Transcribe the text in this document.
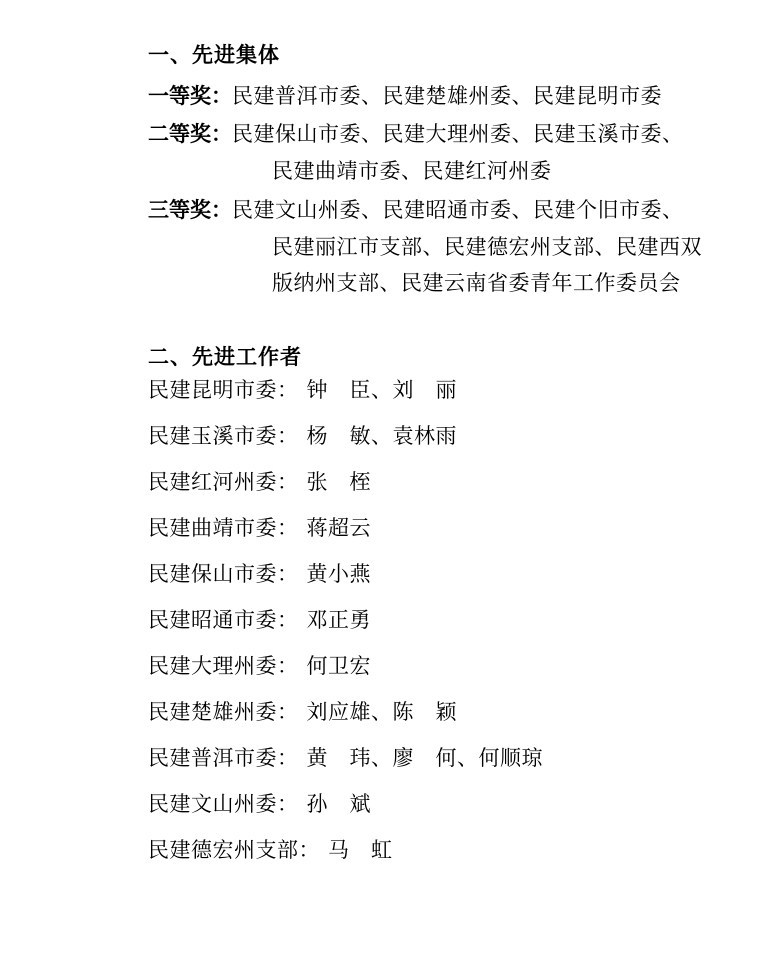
一、先进集体
一等奖 ： 民建普洱市委、民建楚雄州委、民建昆明市委
二等奖 ： 民建保山市委、民建大理州委、民建玉溪市委、
民建曲靖市委、民建红河州委
三等奖 ： 民建文山州委、民建昭通市委、民建个旧市委、
民建丽江市支部、民建德宏州支部、民建西双
版纳州支部、民建云南省委青年工作委员会
二、先进工作者

民建昆明市委： 钟　臣、刘　丽

民建玉溪市委： 杨　敏、袁林雨

民建红河州委： 张　桎

民建曲靖市委： 蒋超云

民建保山市委： 黄小燕

民建昭通市委： 邓正勇

民建大理州委： 何卫宏

民建楚雄州委： 刘应雄、陈　颖

民建普洱市委： 黄　玮、廖　何、何顺琼

民建文山州委： 孙　斌

民建德宏州支部： 马　虹
